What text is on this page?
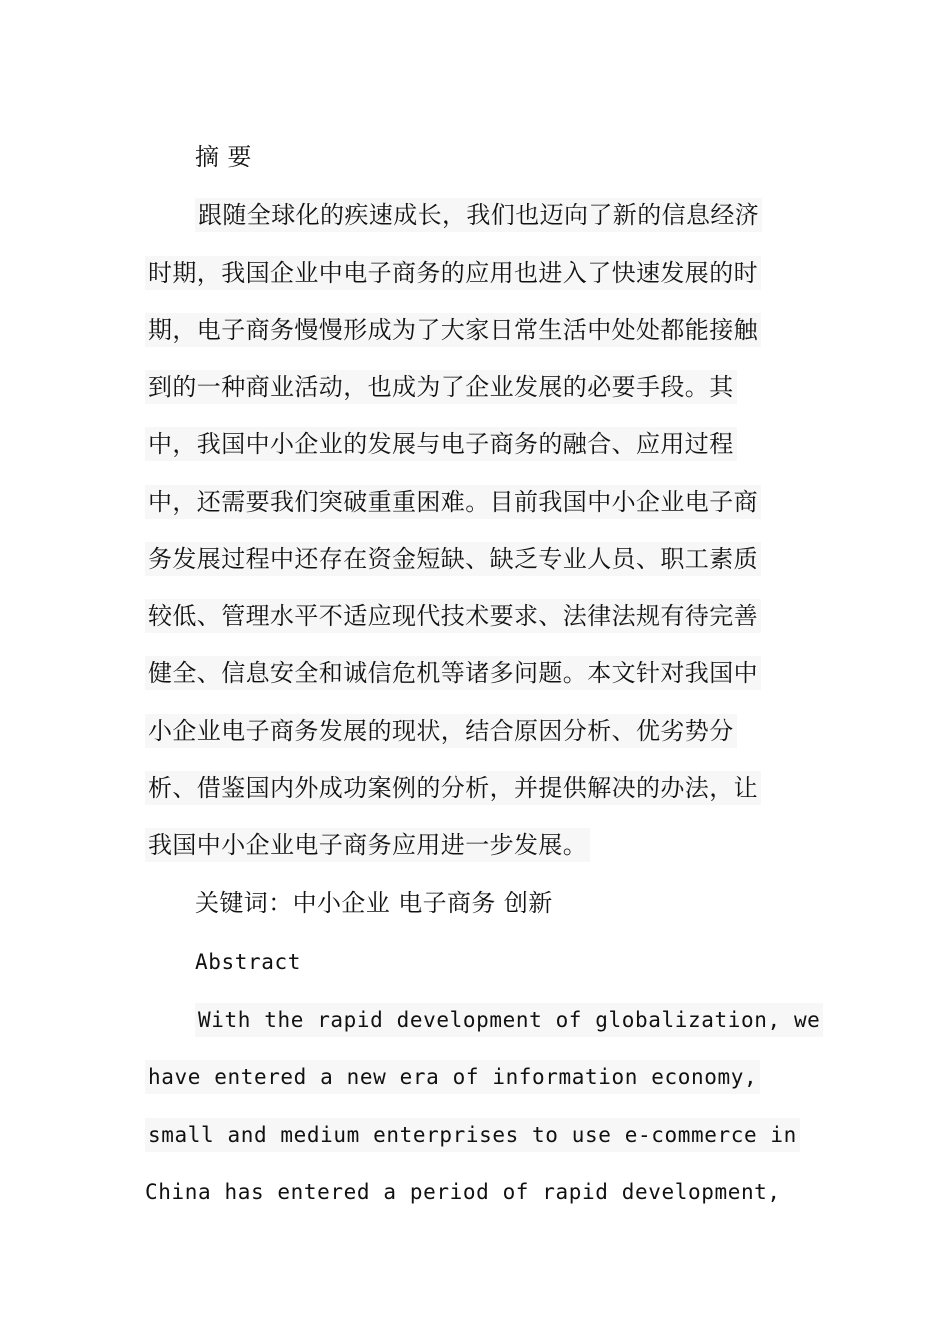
摘 要
跟随全球化的疾速成长，我们也迈向了新的信息经济
时期，我国企业中电子商务的应用也进入了快速发展的时
期，电子商务慢慢形成为了大家日常生活中处处都能接触
到的一种商业活动，也成为了企业发展的必要手段。其
中，我国中小企业的发展与电子商务的融合、应用过程
中，还需要我们突破重重困难。目前我国中小企业电子商
务发展过程中还存在资金短缺、缺乏专业人员、职工素质
较低、管理水平不适应现代技术要求、法律法规有待完善
健全、信息安全和诚信危机等诸多问题。本文针对我国中
小企业电子商务发展的现状，结合原因分析、优劣势分
析、借鉴国内外成功案例的分析，并提供解决的办法，让
我国中小企业电子商务应用进一步发展。
关键词：中小企业 电子商务 创新
Abstract
With the rapid development of globalization, we
have entered a new era of information economy,
small and medium enterprises to use e-commerce in
China has entered a period of rapid development,
